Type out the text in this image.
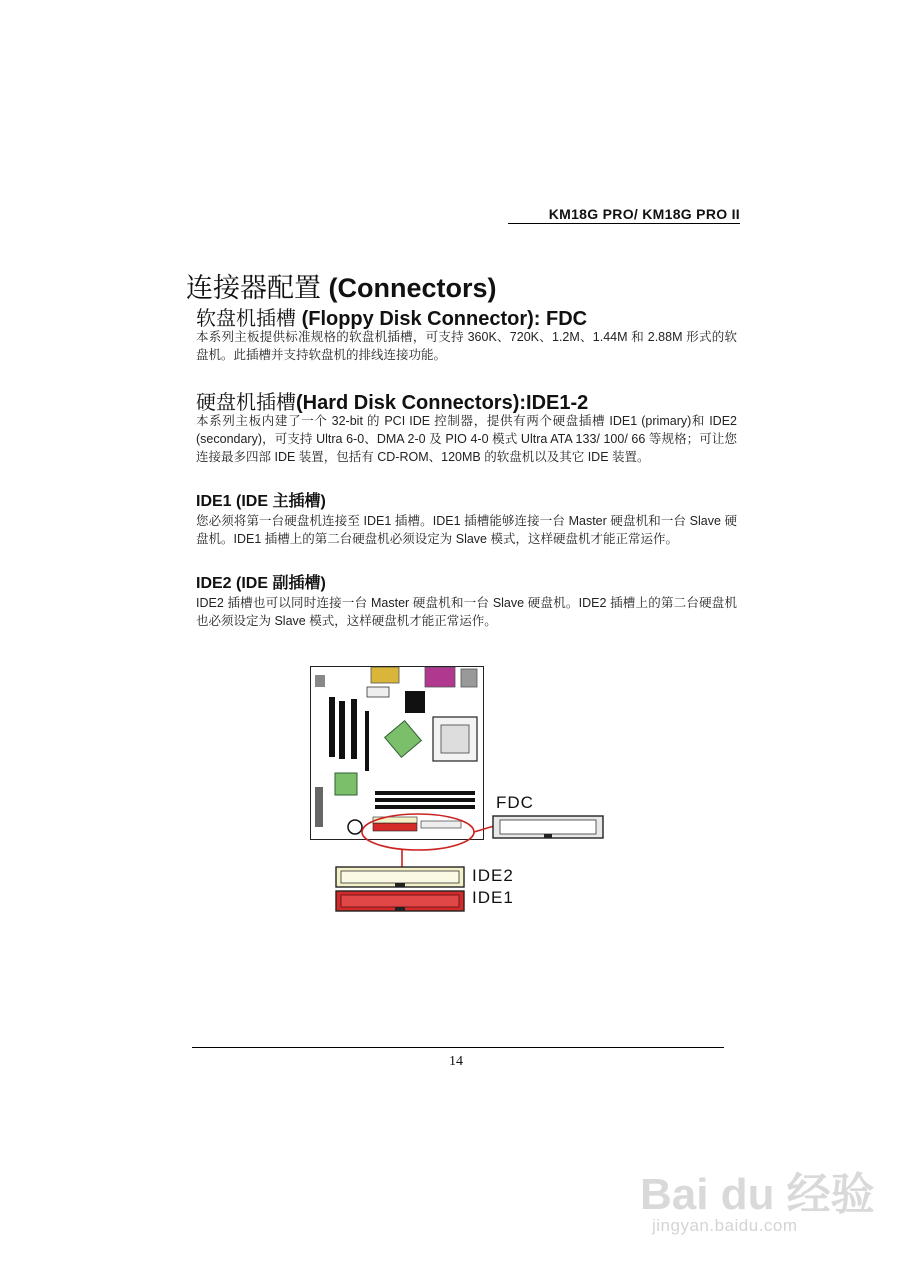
KM18G PRO/ KM18G PRO II
连接器配置 (Connectors)
软盘机插槽 (Floppy Disk Connector): FDC
本系列主板提供标准规格的软盘机插槽，可支持 360K、720K、1.2M、1.44M 和 2.88M 形式的软盘机。此插槽并支持软盘机的排线连接功能。
硬盘机插槽(Hard Disk Connectors):IDE1-2
本系列主板内建了一个 32-bit 的 PCI IDE 控制器，提供有两个硬盘插槽 IDE1 (primary)和 IDE2 (secondary)，可支持 Ultra 6-0、DMA 2-0 及 PIO 4-0 模式 Ultra ATA 133/ 100/ 66 等规格；可让您连接最多四部 IDE 装置，包括有 CD-ROM、120MB 的软盘机以及其它 IDE 装置。
IDE1 (IDE 主插槽)
您必须将第一台硬盘机连接至 IDE1 插槽。IDE1 插槽能够连接一台 Master 硬盘机和一台 Slave 硬盘机。IDE1 插槽上的第二台硬盘机必须设定为 Slave 模式，这样硬盘机才能正常运作。
IDE2 (IDE 副插槽)
IDE2 插槽也可以同时连接一台 Master 硬盘机和一台 Slave 硬盘机。IDE2 插槽上的第二台硬盘机也必须设定为 Slave 模式，这样硬盘机才能正常运作。
FDC
IDE2
IDE1
14
Bai du 经验
jingyan.baidu.com
